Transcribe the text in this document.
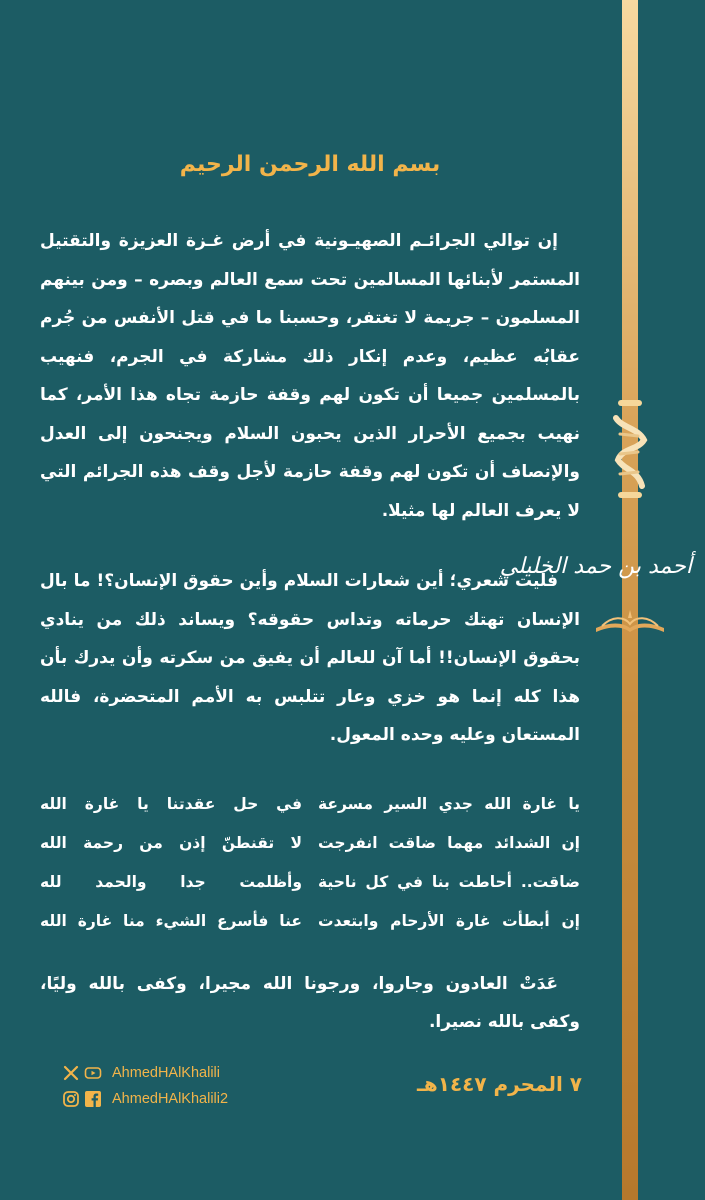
أحمد بن حمد الخليلي
بسم الله الرحمن الرحيم

إن توالي الجرائـم الصهيـونية في أرض غـزة العزيزة والتقتيل المستمر لأبنائها المسالمين تحت سمع العالم وبصره – ومن بينهم المسلمون – جريمة لا تغتفر، وحسبنا ما في قتل الأنفس من جُرم عقابُه عظيم، وعدم إنكار ذلك مشاركة في الجرم، فنهيب بالمسلمين جميعا أن تكون لهم وقفة حازمة تجاه هذا الأمر، كما نهيب بجميع الأحرار الذين يحبون السلام ويجنحون إلى العدل والإنصاف أن تكون لهم وقفة حازمة لأجل وقف هذه الجرائم التي لا يعرف العالم لها مثيلا.

فليت شعري؛ أين شعارات السلام وأين حقوق الإنسان؟! ما بال الإنسان تهتك حرماته وتداس حقوقه؟ ويساند ذلك من ينادي بحقوق الإنسان!! أما آن للعالم أن يفيق من سكرته وأن يدرك بأن هذا كله إنما هو خزي وعار تتلبس به الأمم المتحضرة، فالله المستعان وعليه وحده المعول.

يا غارة الله جدي السير مسرعة
في حل عقدتنا يا غارة الله
إن الشدائد مهما ضاقت انفرجت
لا تقنطنّ إذن من رحمة الله
ضاقت.. أحاطت بنا في كل ناحية
وأظلمت جدا والحمد لله
إن أبطأت غارة الأرحام وابتعدت
عنا فأسرع الشيء منا غارة الله

عَدَتْ العادون وجاروا، ورجونا الله مجيرا، وكفى بالله وليًا، وكفى بالله نصيرا.

AhmedHAlKhalili
AhmedHAlKhalili2
٧ المحرم ١٤٤٧هـ
